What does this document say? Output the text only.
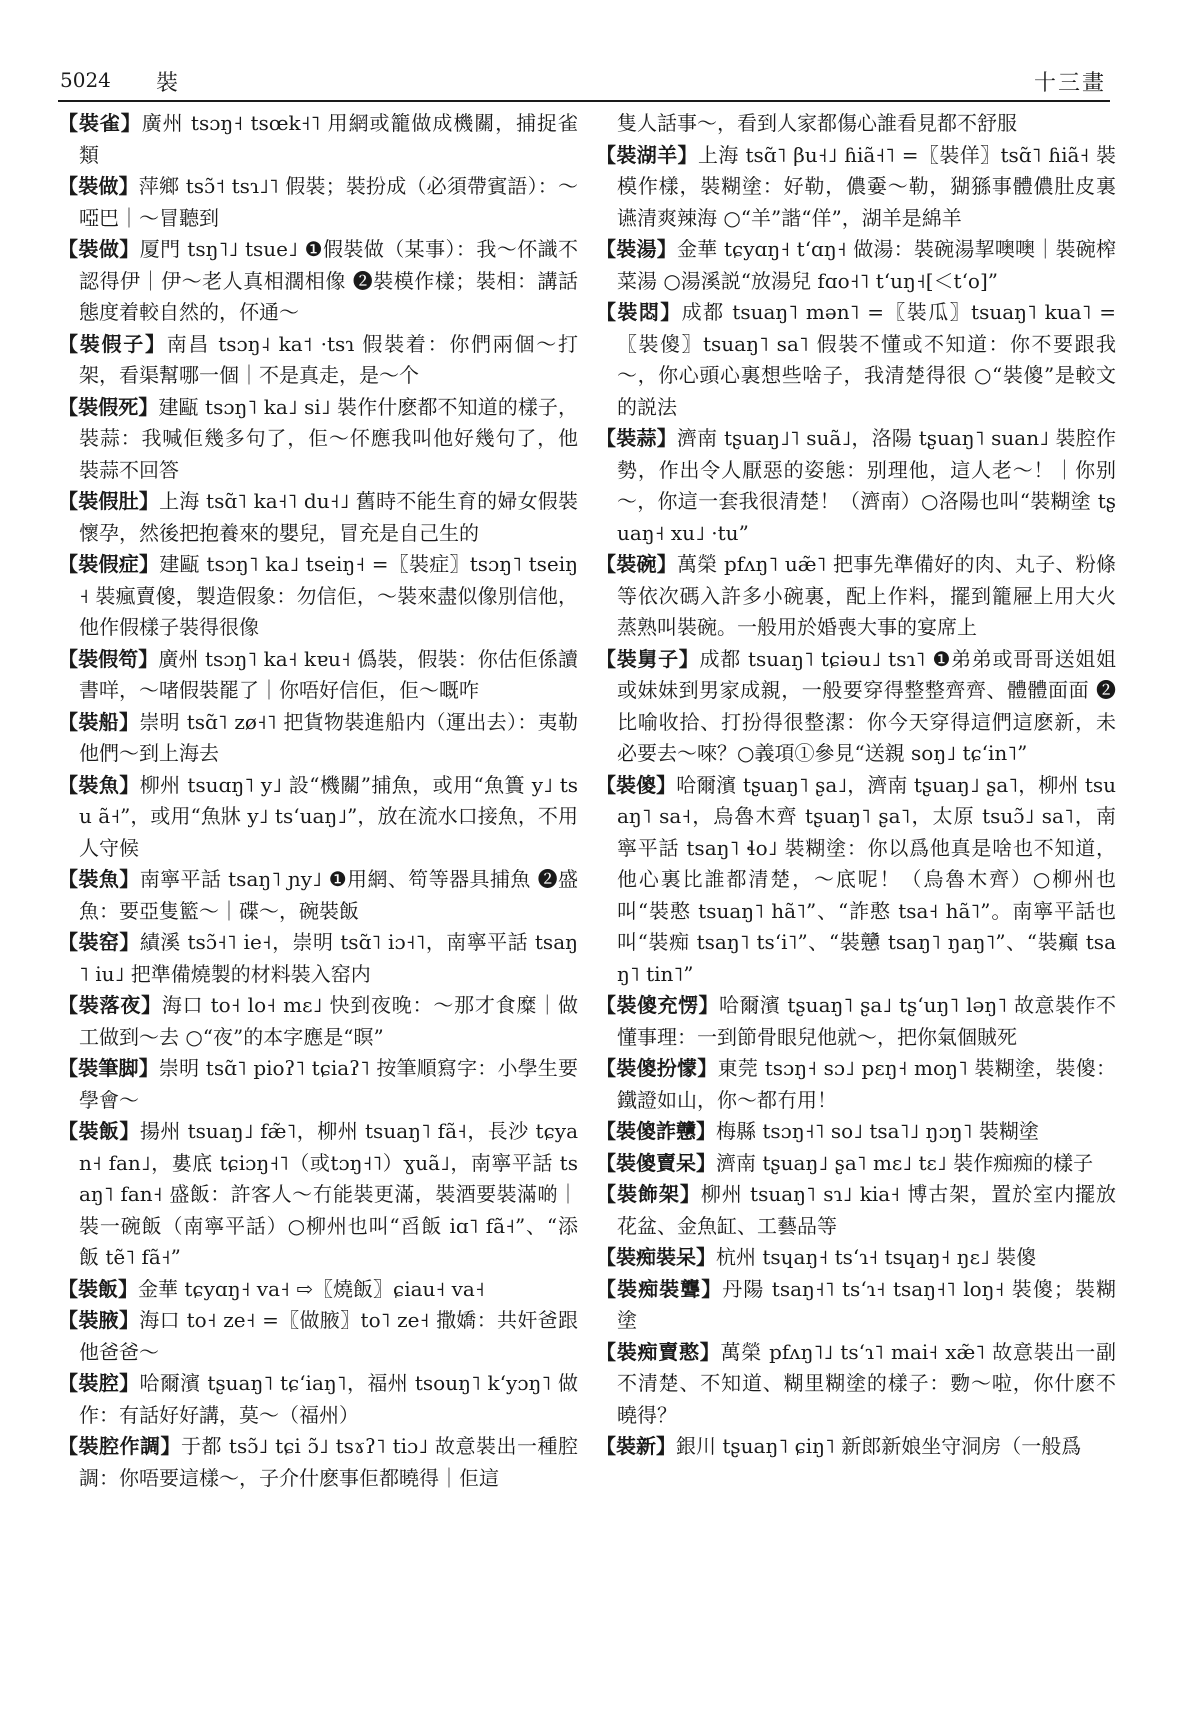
5024 裝	十三畫

【裝雀】廣州 tsɔŋ˧ tsœk˧˥ 用網或籠做成機關，捕捉雀類

【裝做】萍鄉 tsɔ̃˦ tsɿ˩˥ 假裝；裝扮成（必須帶賓語）：～啞巴｜～冒聽到

【裝做】厦門 tsŋ˥˩ tsue˩ ❶假裝做（某事）：我～伓識不認得伊｜伊～老人真相濶相像 ❷裝模作樣；裝相：講話態度着較自然的，伓通～

【裝假子】南昌 tsɔŋ˨ ka˦ ·tsɿ 假裝着：你們兩個～打架，看渠幫哪一個｜不是真走，是～个

【裝假死】建甌 tsɔŋ˥ ka˩ si˩ 裝作什麽都不知道的樣子，裝蒜：我喊佢幾多句了，佢～伓應我叫他好幾句了，他裝蒜不回答

【裝假肚】上海 tsɑ̃˥ ka˧˥ du˧˩ 舊時不能生育的婦女假裝懷孕，然後把抱養來的嬰兒，冒充是自己生的

【裝假症】建甌 tsɔŋ˥ ka˩ tseiŋ˧ =〖裝症〗tsɔŋ˥ tseiŋ˧ 裝瘋賣傻，製造假象：勿信佢，～裝來盡似像別信他，他作假樣子裝得很像

【裝假笱】廣州 tsɔŋ˥ ka˧ kɐu˧ 僞裝，假裝：你估佢係讀書咩，～啫假裝罷了｜你唔好信佢，佢～嘅咋

【裝船】崇明 tsɑ̃˥ zø˧˥ 把貨物裝進船内（運出去）：夷勒他們～到上海去

【裝魚】柳州 tsuɑŋ˥ y˩ 設“機關”捕魚，或用“魚簣 y˩ tsu ã˧”，或用“魚牀 y˩ tsʻuaŋ˩”，放在流水口接魚，不用人守候

【裝魚】南寧平話 tsaŋ˥ ɲy˩ ❶用網、笱等器具捕魚 ❷盛魚：要亞隻籃～｜碟～，碗裝飯

【裝窑】績溪 tsɔ̃˧˥ ie˧，崇明 tsɑ̃˥ iɔ˧˥，南寧平話 tsaŋ˥ iu˩ 把準備燒製的材料裝入窑内

【裝落夜】海口 to˧ lo˧ mɛ˩ 快到夜晚：～那才食糜｜做工做到～去 ○“夜”的本字應是“暝”

【裝筆脚】崇明 tsɑ̃˥ pioʔ˥ tɕiaʔ˥ 按筆順寫字：小學生要學會～

【裝飯】揚州 tsuaŋ˩ fæ̃˥，柳州 tsuaŋ˥ fã˧，長沙 tɕyan˧ fan˩，婁底 tɕiɔŋ˧˥（或tɔŋ˧˥）ɣuã˩，南寧平話 tsaŋ˥ fan˧ 盛飯：許客人～冇能裝更滿，裝酒要裝滿啲｜裝一碗飯（南寧平話）○柳州也叫“舀飯 iɑ˥ fã˧”、“添飯 tẽ˥ fã˧”

【裝飯】金華 tɕyɑŋ˧ va˧ ⇨〖燒飯〗ɕiau˧ va˧

【裝腋】海口 to˧ ze˧ =〖做腋〗to˥ ze˧ 撒嬌：共奸爸跟他爸爸～

【裝腔】哈爾濱 tʂuaŋ˥ tɕʻiaŋ˥，福州 tsouŋ˥ kʻyɔŋ˥ 做作：有話好好講，莫～（福州）

【裝腔作調】于都 tsɔ̃˩ tɕi ɔ̃˩ tsɤʔ˥ tiɔ˩ 故意裝出一種腔調：你唔要這樣～，子介什麽事佢都曉得｜佢這

隻人話事～，看到人家都傷心誰看見都不舒服

【裝湖羊】上海 tsɑ̃˥ βu˧˩ ɦiã˧˥ =〖裝佯〗tsɑ̃˥ ɦiã˧ 裝模作樣，裝糊塗：好勒，儂嫑～勒，猢猻事體儂肚皮裏䜩清爽辣海 ○“羊”諧“佯”，湖羊是綿羊

【裝湯】金華 tɕyɑŋ˧ tʻɑŋ˧ 做湯：裝碗湯挈噢噢｜裝碗榨菜湯 ○湯溪説“放湯兒 fɑo˧˥ tʻuŋ˧[＜tʻo]”

【裝悶】成都 tsuaŋ˥ mən˥ =〖裝瓜〗tsuaŋ˥ kua˥ =〖裝傻〗tsuaŋ˥ sa˥ 假裝不懂或不知道：你不要跟我～，你心頭心裏想些啥子，我清楚得很 ○“裝傻”是較文的説法

【裝蒜】濟南 tʂuaŋ˩˥ suã˩，洛陽 tʂuaŋ˥ suan˩ 裝腔作勢，作出令人厭惡的姿態：别理他，這人老～！｜你别～，你這一套我很清楚！（濟南）○洛陽也叫“裝糊塗 tʂuaŋ˧ xu˩ ·tu”

【裝碗】萬榮 pfʌŋ˥ uæ̃˥ 把事先準備好的肉、丸子、粉條等依次碼入許多小碗裏，配上作料，擺到籠屜上用大火蒸熟叫裝碗。一般用於婚喪大事的宴席上

【裝舅子】成都 tsuaŋ˥ tɕiəu˩ tsɿ˥ ❶弟弟或哥哥送姐姐或妹妹到男家成親，一般要穿得整整齊齊、體體面面 ❷比喻收拾、打扮得很整潔：你今天穿得這們這麽新，未必要去～唻？○義項①參見“送親 soŋ˩ tɕʻin˥”

【裝傻】哈爾濱 tʂuaŋ˥ ʂa˩，濟南 tʂuaŋ˩ ʂa˥，柳州 tsuaŋ˥ sa˧，烏魯木齊 tʂuaŋ˥ ʂa˥，太原 tsuɔ̃˩ sa˥，南寧平話 tsaŋ˥ ɬo˩ 裝糊塗：你以爲他真是啥也不知道，他心裏比誰都清楚，～底呢！（烏魯木齊）○柳州也叫“裝憨 tsuaŋ˥ hã˥”、“詐憨 tsa˧ hã˥”。南寧平話也叫“裝痴 tsaŋ˥ tsʻi˥”、“裝戇 tsaŋ˥ ŋaŋ˥”、“裝癲 tsaŋ˥ tin˥”

【裝傻充愣】哈爾濱 tʂuaŋ˥ ʂa˩ tʂʻuŋ˥ ləŋ˥ 故意裝作不懂事理：一到節骨眼兒他就～，把你氣個賊死

【裝傻扮懞】東莞 tsɔŋ˧ sɔ˩ pɛŋ˧ moŋ˥ 裝糊塗，裝傻：鐵證如山，你～都冇用！

【裝傻詐戇】梅縣 tsɔŋ˧˥ so˩ tsa˥˩ ŋɔŋ˥ 裝糊塗

【裝傻賣呆】濟南 tʂuaŋ˩ ʂa˥ mɛ˩ tɛ˩ 裝作痴痴的樣子

【裝飾架】柳州 tsuaŋ˥ sɿ˩ kia˧ 博古架，置於室内擺放花盆、金魚缸、工藝品等

【裝痴裝呆】杭州 tsɥaŋ˧ tsʻɿ˧ tsɥaŋ˧ ŋɛ˩ 裝傻

【裝痴裝聾】丹陽 tsaŋ˧˥ tsʻɿ˧ tsaŋ˧˥ loŋ˧ 裝傻；裝糊塗

【裝痴賣憨】萬榮 pfʌŋ˥˩ tsʻɿ˥ mai˧ xæ̃˥ 故意裝出一副不清楚、不知道、糊里糊塗的樣子：覅～啦，你什麽不曉得？

【裝新】銀川 tʂuaŋ˥ ɕiŋ˥ 新郎新娘坐守洞房（一般爲
